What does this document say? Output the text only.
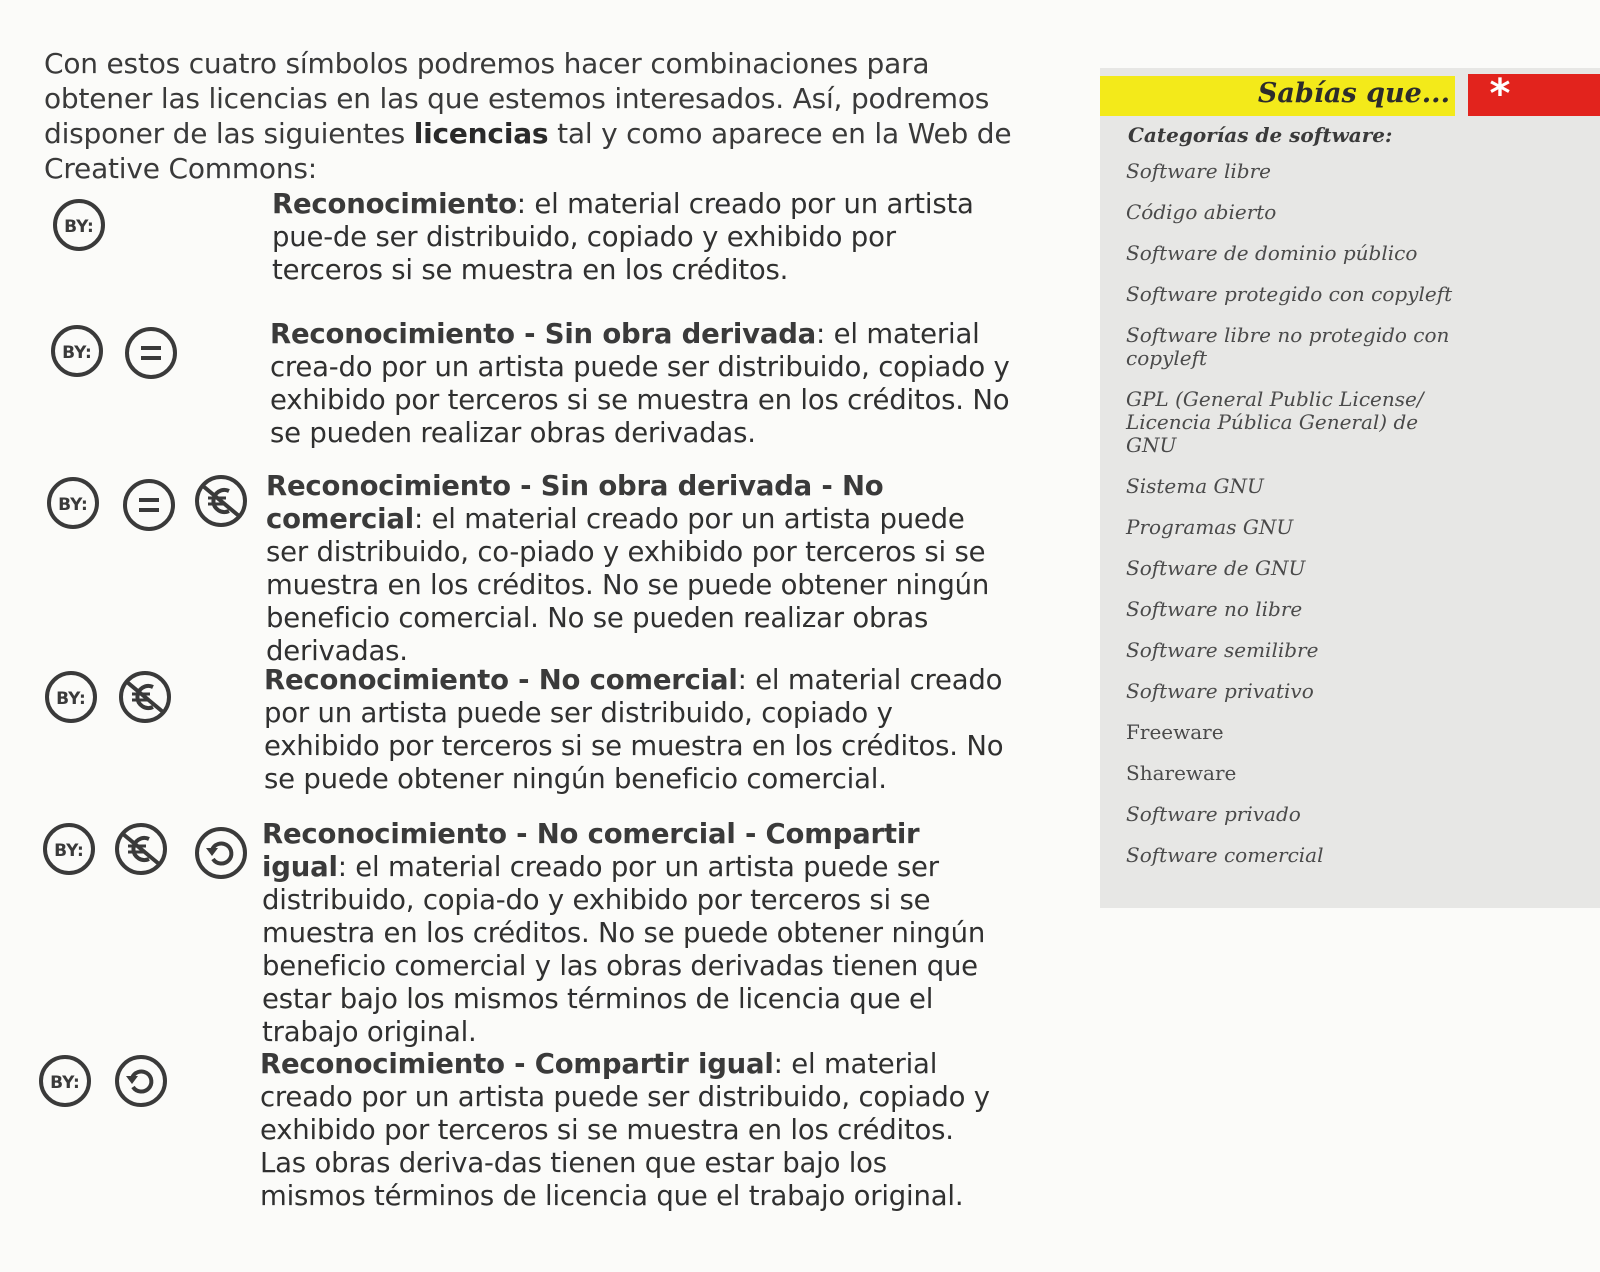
Con estos cuatro símbolos podremos hacer combinaciones para obtener las licencias en las que estemos interesados. Así, podremos disponer de las siguientes licencias tal y como aparece en la Web de Creative Commons:
BY:
Reconocimiento: el material creado por un artista pue-de ser distribuido, copiado y exhibido por terceros si se muestra en los créditos.
BY:
Reconocimiento - Sin obra derivada: el material crea-do por un artista puede ser distribuido, copiado y exhibido por terceros si se muestra en los créditos. No se pueden realizar obras derivadas.
BY:
Reconocimiento - Sin obra derivada - No comercial: el material creado por un artista puede ser distribuido, co-piado y exhibido por terceros si se muestra en los créditos. No se puede obtener ningún beneficio comercial. No se pueden realizar obras derivadas.
BY:
Reconocimiento - No comercial: el material creado por un artista puede ser distribuido, copiado y exhibido por terceros si se muestra en los créditos. No se puede obtener ningún beneficio comercial.
BY:
Reconocimiento - No comercial - Compartir igual: el material creado por un artista puede ser distribuido, copia-do y exhibido por terceros si se muestra en los créditos. No se puede obtener ningún beneficio comercial y las obras derivadas tienen que estar bajo los mismos términos de licencia que el trabajo original.
BY:
Reconocimiento - Compartir igual: el material creado por un artista puede ser distribuido, copiado y exhibido por terceros si se muestra en los créditos. Las obras deriva-das tienen que estar bajo los mismos términos de licencia que el trabajo original.
Sabías que... *
Categorías de software:
Software libre
Código abierto
Software de dominio público
Software protegido con copyleft
Software libre no protegido con copyleft
GPL (General Public License/ Licencia Pública General) de GNU
Sistema GNU
Programas GNU
Software de GNU
Software no libre
Software semilibre
Software privativo
Freeware
Shareware
Software privado
Software comercial
